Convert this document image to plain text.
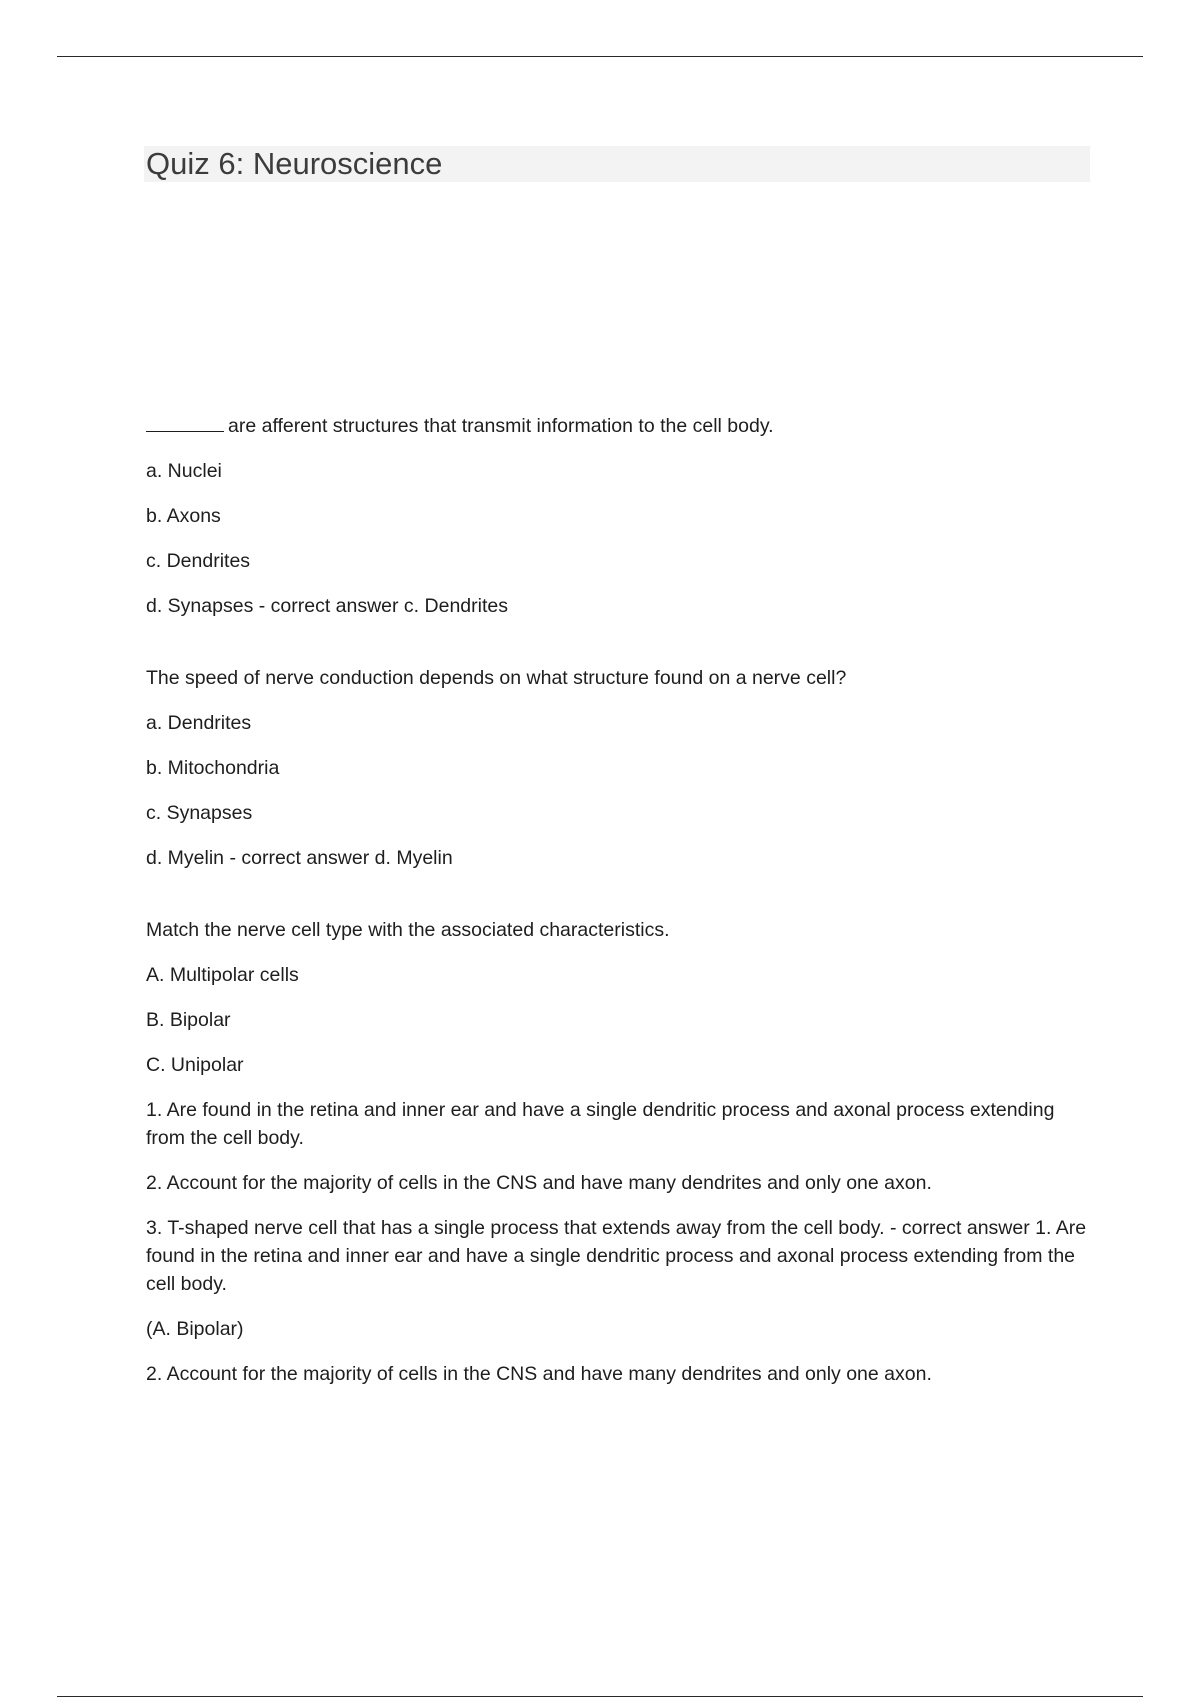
Quiz 6: Neuroscience

are afferent structures that transmit information to the cell body.

a. Nuclei

b. Axons

c. Dendrites

d. Synapses - correct answer c. Dendrites

The speed of nerve conduction depends on what structure found on a nerve cell?

a. Dendrites

b. Mitochondria

c. Synapses

d. Myelin - correct answer d. Myelin

Match the nerve cell type with the associated characteristics.

A. Multipolar cells

B. Bipolar

C. Unipolar

1. Are found in the retina and inner ear and have a single dendritic process and axonal process extending from the cell body.

2. Account for the majority of cells in the CNS and have many dendrites and only one axon.

3. T-shaped nerve cell that has a single process that extends away from the cell body. - correct answer 1. Are found in the retina and inner ear and have a single dendritic process and axonal process extending from the cell body.

(A. Bipolar)

2. Account for the majority of cells in the CNS and have many dendrites and only one axon.
